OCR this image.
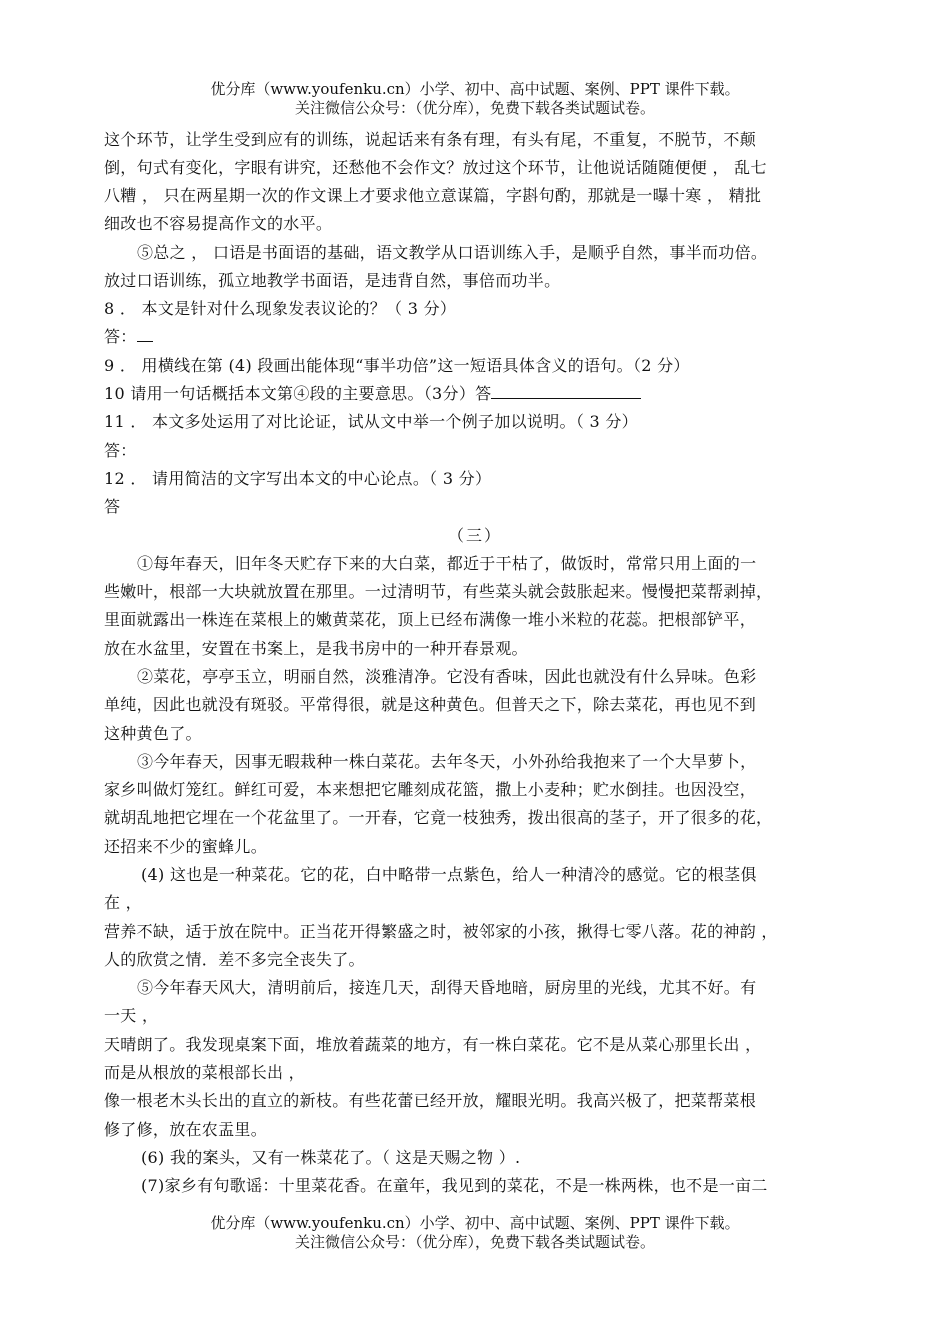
优分库（www.youfenku.cn）小学、初中、高中试题、案例、PPT 课件下载。
关注微信公众号：（优分库），免费下载各类试题试卷。
这个环节，让学生受到应有的训练，说起话来有条有理，有头有尾，不重复，不脱节，不颠
倒，句式有变化，字眼有讲究，还愁他不会作文？放过这个环节，让他说话随随便便 ， 乱七
八糟 ， 只在两星期一次的作文课上才要求他立意谋篇，字斟句酌，那就是一曝十寒 ， 精批
细改也不容易提高作文的水平。
⑤总之 ， 口语是书面语的基础，语文教学从口语训练入手，是顺乎自然，事半而功倍。
放过口语训练，孤立地教学书面语，是违背自然，事倍而功半。
8 ． 本文是针对什么现象发表议论的？（ 3 分）
答：
9 ． 用横线在第 (4) 段画出能体现“事半功倍”这一短语具体含义的语句。（2 分）
10 请用一句话概括本文第④段的主要意思。（3分）答
11 ． 本文多处运用了对比论证，试从文中举一个例子加以说明。（ 3 分）
答：
12 ． 请用简洁的文字写出本文的中心论点。（ 3 分）
答
（三）
①每年春天，旧年冬天贮存下来的大白菜，都近于干枯了，做饭时，常常只用上面的一
些嫩叶，根部一大块就放置在那里。一过清明节，有些菜头就会鼓胀起来。慢慢把菜帮剥掉，
里面就露出一株连在菜根上的嫩黄菜花，顶上已经布满像一堆小米粒的花蕊。把根部铲平，
放在水盆里，安置在书案上，是我书房中的一种开春景观。
②菜花，亭亭玉立，明丽自然，淡雅清净。它没有香味，因此也就没有什么异味。色彩
单纯，因此也就没有斑驳。平常得很，就是这种黄色。但普天之下，除去菜花，再也见不到
这种黄色了。
③今年春天，因事无暇栽种一株白菜花。去年冬天，小外孙给我抱来了一个大旱萝卜，
家乡叫做灯笼红。鲜红可爱，本来想把它雕刻成花篮，撒上小麦种；贮水倒挂。也因没空，
就胡乱地把它埋在一个花盆里了。一开春，它竟一枝独秀，拨出很高的茎子，开了很多的花，
还招来不少的蜜蜂儿。
(4) 这也是一种菜花。它的花，白中略带一点紫色，给人一种清冷的感觉。它的根茎俱
在 ，
营养不缺，适于放在院中。正当花开得繁盛之时，被邻家的小孩，揪得七零八落。花的神韵 ，
人的欣赏之情．差不多完全丧失了。
⑤今年春天风大，清明前后，接连几天，刮得天昏地暗，厨房里的光线，尤其不好。有
一天 ，
天晴朗了。我发现桌案下面，堆放着蔬菜的地方，有一株白菜花。它不是从菜心那里长出 ，
而是从根放的菜根部长出 ，
像一根老木头长出的直立的新枝。有些花蕾已经开放，耀眼光明。我高兴极了，把菜帮菜根
修了修，放在农盂里。
(6) 我的案头，又有一株菜花了。（ 这是天赐之物 ）.
(7)家乡有句歌谣：十里菜花香。在童年，我见到的菜花，不是一株两株，也不是一亩二
优分库（www.youfenku.cn）小学、初中、高中试题、案例、PPT 课件下载。
关注微信公众号：（优分库），免费下载各类试题试卷。
